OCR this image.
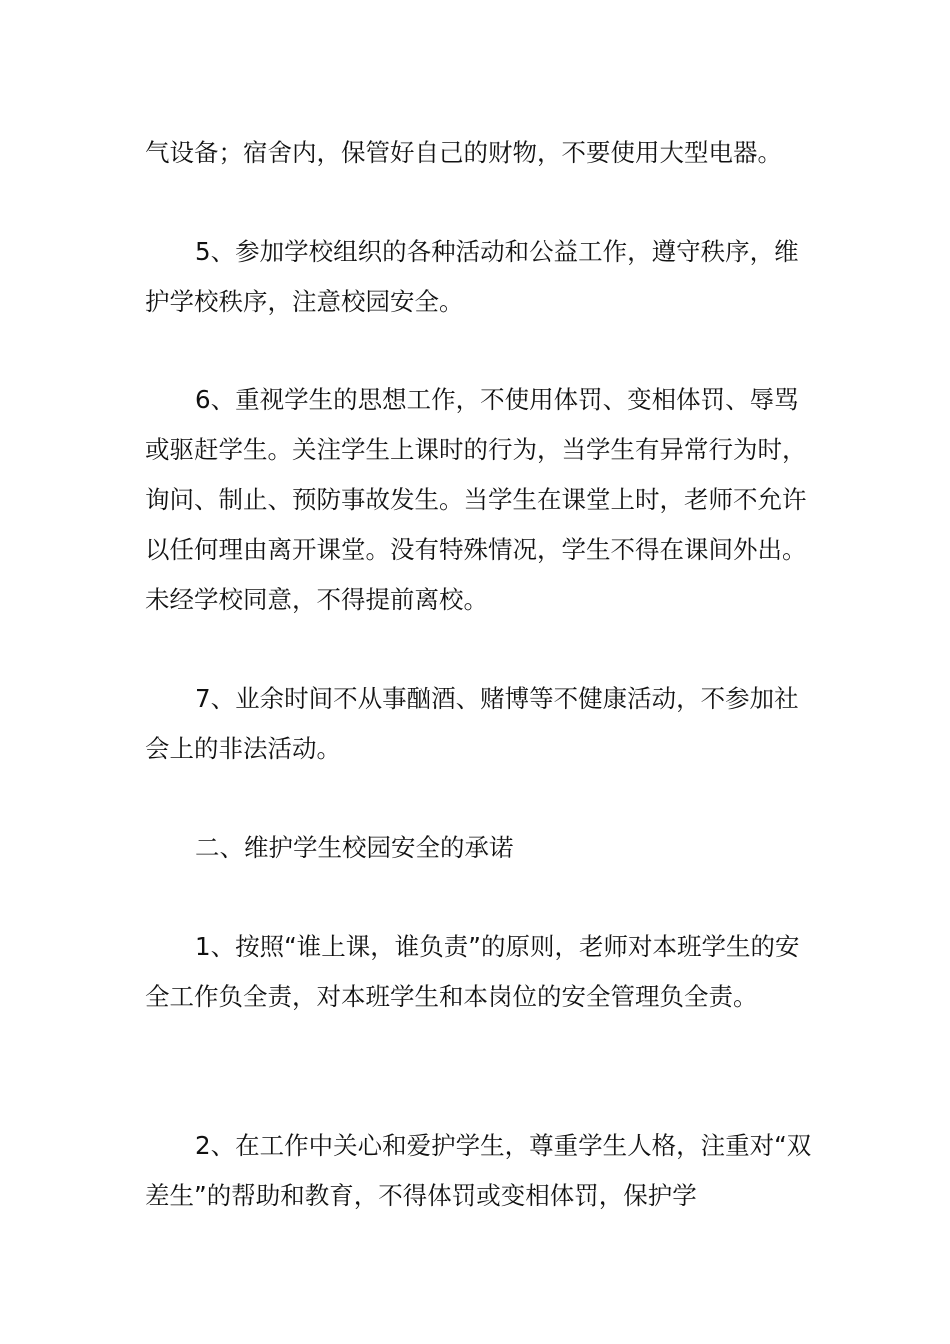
气设备；宿舍内，保管好自己的财物，不要使用大型电器。

5、参加学校组织的各种活动和公益工作，遵守秩序，维护学校秩序，注意校园安全。

6、重视学生的思想工作，不使用体罚、变相体罚、辱骂或驱赶学生。关注学生上课时的行为，当学生有异常行为时，询问、制止、预防事故发生。当学生在课堂上时，老师不允许以任何理由离开课堂。没有特殊情况，学生不得在课间外出。未经学校同意，不得提前离校。

7、业余时间不从事酗酒、赌博等不健康活动，不参加社会上的非法活动。

二、维护学生校园安全的承诺

1、按照“谁上课，谁负责”的原则，老师对本班学生的安全工作负全责，对本班学生和本岗位的安全管理负全责。

2、在工作中关心和爱护学生，尊重学生人格，注重对“双差生”的帮助和教育，不得体罚或变相体罚，保护学
